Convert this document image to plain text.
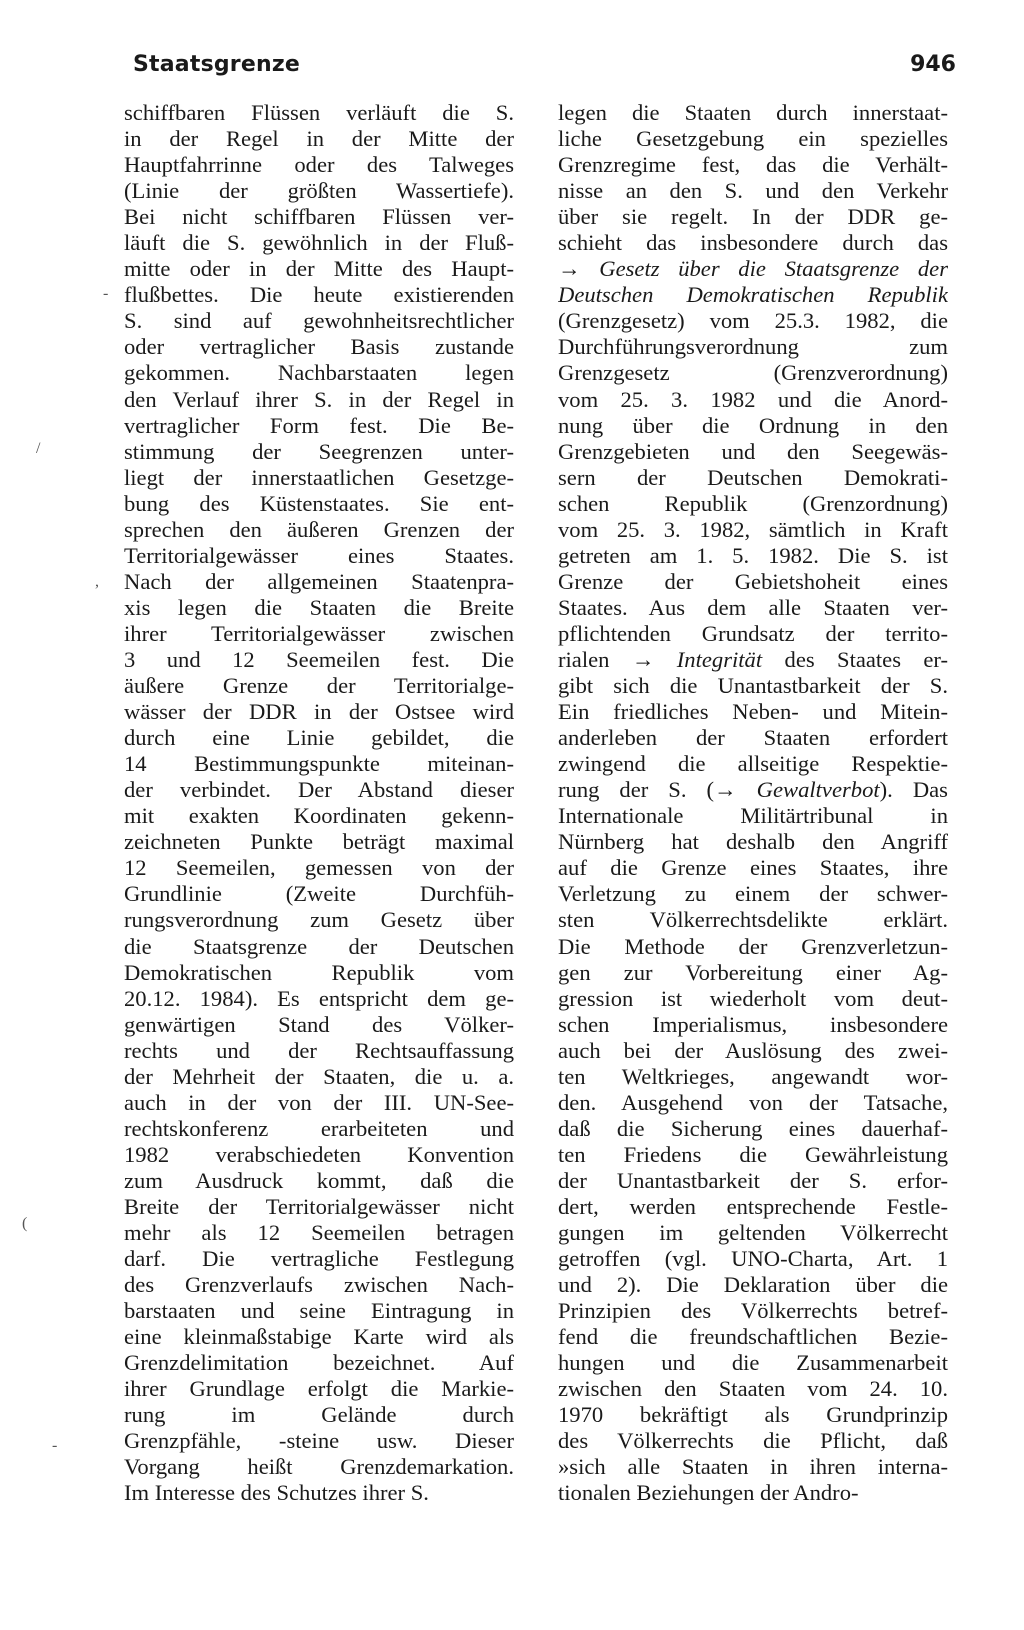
Staatsgrenze	946
-
/
,
(
-
schiffbaren Flüssen verläuft die S.
in der Regel in der Mitte der
Hauptfahrrinne oder des Talweges
(Linie der größten Wassertiefe).
Bei nicht schiffbaren Flüssen ver-
läuft die S. gewöhnlich in der Fluß-
mitte oder in der Mitte des Haupt-
flußbettes. Die heute existierenden
S. sind auf gewohnheitsrechtlicher
oder vertraglicher Basis zustande
gekommen. Nachbarstaaten legen
den Verlauf ihrer S. in der Regel in
vertraglicher Form fest. Die Be-
stimmung der Seegrenzen unter-
liegt der innerstaatlichen Gesetzge-
bung des Küstenstaates. Sie ent-
sprechen den äußeren Grenzen der
Territorialgewässer eines Staates.
Nach der allgemeinen Staatenpra-
xis legen die Staaten die Breite
ihrer Territorialgewässer zwischen
3 und 12 Seemeilen fest. Die
äußere Grenze der Territorialge-
wässer der DDR in der Ostsee wird
durch eine Linie gebildet, die
14 Bestimmungspunkte miteinan-
der verbindet. Der Abstand dieser
mit exakten Koordinaten gekenn-
zeichneten Punkte beträgt maximal
12 Seemeilen, gemessen von der
Grundlinie (Zweite Durchfüh-
rungsverordnung zum Gesetz über
die Staatsgrenze der Deutschen
Demokratischen Republik vom
20.12. 1984). Es entspricht dem ge-
genwärtigen Stand des Völker-
rechts und der Rechtsauffassung
der Mehrheit der Staaten, die u. a.
auch in der von der III. UN-See-
rechtskonferenz erarbeiteten und
1982 verabschiedeten Konvention
zum Ausdruck kommt, daß die
Breite der Territorialgewässer nicht
mehr als 12 Seemeilen betragen
darf. Die vertragliche Festlegung
des Grenzverlaufs zwischen Nach-
barstaaten und seine Eintragung in
eine kleinmaßstabige Karte wird als
Grenzdelimitation bezeichnet. Auf
ihrer Grundlage erfolgt die Markie-
rung im Gelände durch
Grenzpfähle, -steine usw. Dieser
Vorgang heißt Grenzdemarkation.
Im Interesse des Schutzes ihrer S.
legen die Staaten durch innerstaat-
liche Gesetzgebung ein spezielles
Grenzregime fest, das die Verhält-
nisse an den S. und den Verkehr
über sie regelt. In der DDR ge-
schieht das insbesondere durch das
→ Gesetz über die Staatsgrenze der
Deutschen Demokratischen Republik
(Grenzgesetz) vom 25.3. 1982, die
Durchführungsverordnung zum
Grenzgesetz (Grenzverordnung)
vom 25. 3. 1982 und die Anord-
nung über die Ordnung in den
Grenzgebieten und den Seegewäs-
sern der Deutschen Demokrati-
schen Republik (Grenzordnung)
vom 25. 3. 1982, sämtlich in Kraft
getreten am 1. 5. 1982. Die S. ist
Grenze der Gebietshoheit eines
Staates. Aus dem alle Staaten ver-
pflichtenden Grundsatz der territo-
rialen → Integrität des Staates er-
gibt sich die Unantastbarkeit der S.
Ein friedliches Neben- und Mitein-
anderleben der Staaten erfordert
zwingend die allseitige Respektie-
rung der S. (→ Gewaltverbot). Das
Internationale Militärtribunal in
Nürnberg hat deshalb den Angriff
auf die Grenze eines Staates, ihre
Verletzung zu einem der schwer-
sten Völkerrechtsdelikte erklärt.
Die Methode der Grenzverletzun-
gen zur Vorbereitung einer Ag-
gression ist wiederholt vom deut-
schen Imperialismus, insbesondere
auch bei der Auslösung des zwei-
ten Weltkrieges, angewandt wor-
den. Ausgehend von der Tatsache,
daß die Sicherung eines dauerhaf-
ten Friedens die Gewährleistung
der Unantastbarkeit der S. erfor-
dert, werden entsprechende Festle-
gungen im geltenden Völkerrecht
getroffen (vgl. UNO-Charta, Art. 1
und 2). Die Deklaration über die
Prinzipien des Völkerrechts betref-
fend die freundschaftlichen Bezie-
hungen und die Zusammenarbeit
zwischen den Staaten vom 24. 10.
1970 bekräftigt als Grundprinzip
des Völkerrechts die Pflicht, daß
»sich alle Staaten in ihren interna-
tionalen Beziehungen der Andro-
